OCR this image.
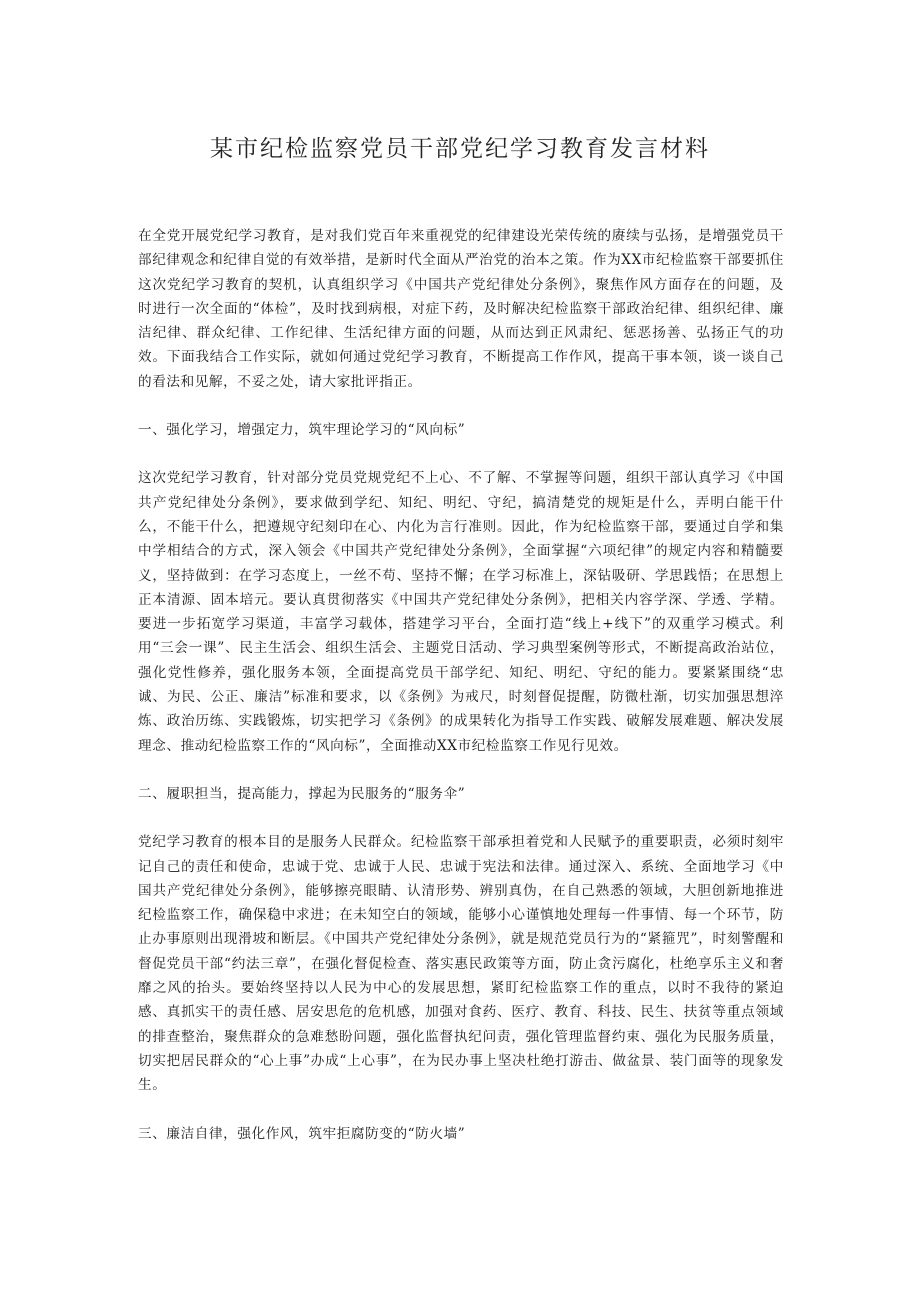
某市纪检监察党员干部党纪学习教育发言材料

在全党开展党纪学习教育，是对我们党百年来重视党的纪律建设光荣传统的赓续与弘扬，是增强党员干部纪律观念和纪律自觉的有效举措，是新时代全面从严治党的治本之策。作为XX市纪检监察干部要抓住这次党纪学习教育的契机，认真组织学习《中国共产党纪律处分条例》，聚焦作风方面存在的问题，及时进行一次全面的“体检”，及时找到病根，对症下药，及时解决纪检监察干部政治纪律、组织纪律、廉洁纪律、群众纪律、工作纪律、生活纪律方面的问题，从而达到正风肃纪、惩恶扬善、弘扬正气的功效。下面我结合工作实际，就如何通过党纪学习教育，不断提高工作作风，提高干事本领，谈一谈自己的看法和见解，不妥之处，请大家批评指正。

一、强化学习，增强定力，筑牢理论学习的“风向标”

这次党纪学习教育，针对部分党员党规党纪不上心、不了解、不掌握等问题，组织干部认真学习《中国共产党纪律处分条例》，要求做到学纪、知纪、明纪、守纪，搞清楚党的规矩是什么，弄明白能干什么，不能干什么，把遵规守纪刻印在心、内化为言行准则。因此，作为纪检监察干部，要通过自学和集中学相结合的方式，深入领会《中国共产党纪律处分条例》，全面掌握“六项纪律”的规定内容和精髓要义，坚持做到：在学习态度上，一丝不苟、坚持不懈；在学习标准上，深钻吸研、学思践悟；在思想上正本清源、固本培元。要认真贯彻落实《中国共产党纪律处分条例》，把相关内容学深、学透、学精。要进一步拓宽学习渠道，丰富学习载体，搭建学习平台，全面打造“线上+线下”的双重学习模式。利用“三会一课”、民主生活会、组织生活会、主题党日活动、学习典型案例等形式，不断提高政治站位，强化党性修养，强化服务本领，全面提高党员干部学纪、知纪、明纪、守纪的能力。要紧紧围绕“忠诚、为民、公正、廉洁”标准和要求，以《条例》为戒尺，时刻督促提醒，防微杜渐，切实加强思想淬炼、政治历练、实践锻炼，切实把学习《条例》的成果转化为指导工作实践、破解发展难题、解决发展理念、推动纪检监察工作的“风向标”，全面推动XX市纪检监察工作见行见效。

二、履职担当，提高能力，撑起为民服务的“服务伞”

党纪学习教育的根本目的是服务人民群众。纪检监察干部承担着党和人民赋予的重要职责，必须时刻牢记自己的责任和使命，忠诚于党、忠诚于人民、忠诚于宪法和法律。通过深入、系统、全面地学习《中国共产党纪律处分条例》，能够擦亮眼睛、认清形势、辨别真伪，在自己熟悉的领域，大胆创新地推进纪检监察工作，确保稳中求进；在未知空白的领域，能够小心谨慎地处理每一件事情、每一个环节，防止办事原则出现滑坡和断层。《中国共产党纪律处分条例》，就是规范党员行为的“紧箍咒”，时刻警醒和督促党员干部“约法三章”，在强化督促检查、落实惠民政策等方面，防止贪污腐化，杜绝享乐主义和奢靡之风的抬头。要始终坚持以人民为中心的发展思想，紧盯纪检监察工作的重点，以时不我待的紧迫感、真抓实干的责任感、居安思危的危机感，加强对食药、医疗、教育、科技、民生、扶贫等重点领域的排查整治，聚焦群众的急难愁盼问题，强化监督执纪问责，强化管理监督约束、强化为民服务质量，切实把居民群众的“心上事”办成“上心事”，在为民办事上坚决杜绝打游击、做盆景、装门面等的现象发生。

三、廉洁自律，强化作风，筑牢拒腐防变的“防火墙”
